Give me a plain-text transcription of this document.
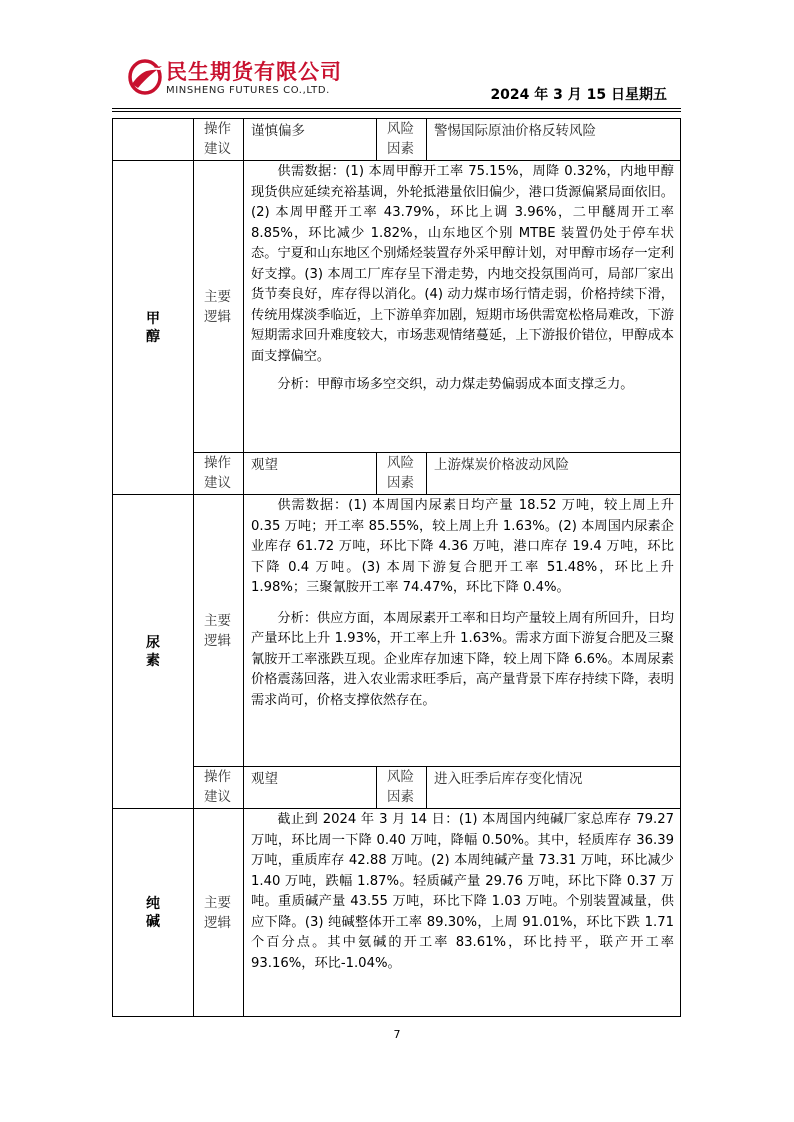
民生期货有限公司
MINSHENG FUTURES CO.,LTD.	2024 年 3 月 15 日星期五
	操作建议	谨慎偏多	风险因素	警惕国际原油价格反转风险

甲醇	主要逻辑	供需数据：(1) 本周甲醇开工率 75.15%，周降 0.32%，内地甲醇现货供应延续充裕基调，外轮抵港量依旧偏少，港口货源偏紧局面依旧。(2) 本周甲醛开工率 43.79%，环比上调 3.96%，二甲醚周开工率 8.85%，环比减少 1.82%，山东地区个别 MTBE 装置仍处于停车状态。宁夏和山东地区个别烯烃装置存外采甲醇计划，对甲醇市场存一定利好支撑。(3) 本周工厂库存呈下滑走势，内地交投氛围尚可，局部厂家出货节奏良好，库存得以消化。(4) 动力煤市场行情走弱，价格持续下滑，传统用煤淡季临近，上下游单弈加剧，短期市场供需宽松格局难改，下游短期需求回升难度较大，市场悲观情绪蔓延，上下游报价错位，甲醇成本面支撑偏空。

分析：甲醇市场多空交织，动力煤走势偏弱成本面支撑乏力。		

	操作建议	观望	风险因素	上游煤炭价格波动风险

尿素	主要逻辑	供需数据：(1) 本周国内尿素日均产量 18.52 万吨，较上周上升 0.35 万吨；开工率 85.55%，较上周上升 1.63%。(2) 本周国内尿素企业库存 61.72 万吨，环比下降 4.36 万吨，港口库存 19.4 万吨，环比下降 0.4 万吨。(3) 本周下游复合肥开工率 51.48%，环比上升 1.98%；三聚氰胺开工率 74.47%，环比下降 0.4%。

分析：供应方面，本周尿素开工率和日均产量较上周有所回升，日均产量环比上升 1.93%，开工率上升 1.63%。需求方面下游复合肥及三聚氰胺开工率涨跌互现。企业库存加速下降，较上周下降 6.6%。本周尿素价格震荡回落，进入农业需求旺季后，高产量背景下库存持续下降，表明需求尚可，价格支撑依然存在。		

	操作建议	观望	风险因素	进入旺季后库存变化情况

纯碱	主要逻辑	截止到 2024 年 3 月 14 日：(1) 本周国内纯碱厂家总库存 79.27 万吨，环比周一下降 0.40 万吨，降幅 0.50%。其中，轻质库存 36.39 万吨，重质库存 42.88 万吨。(2) 本周纯碱产量 73.31 万吨，环比减少 1.40 万吨，跌幅 1.87%。轻质碱产量 29.76 万吨，环比下降 0.37 万吨。重质碱产量 43.55 万吨，环比下降 1.03 万吨。个别装置减量，供应下降。(3) 纯碱整体开工率 89.30%，上周 91.01%，环比下跌 1.71 个百分点。其中氨碱的开工率 83.61%，环比持平，联产开工率 93.16%，环比-1.04%。		

7
